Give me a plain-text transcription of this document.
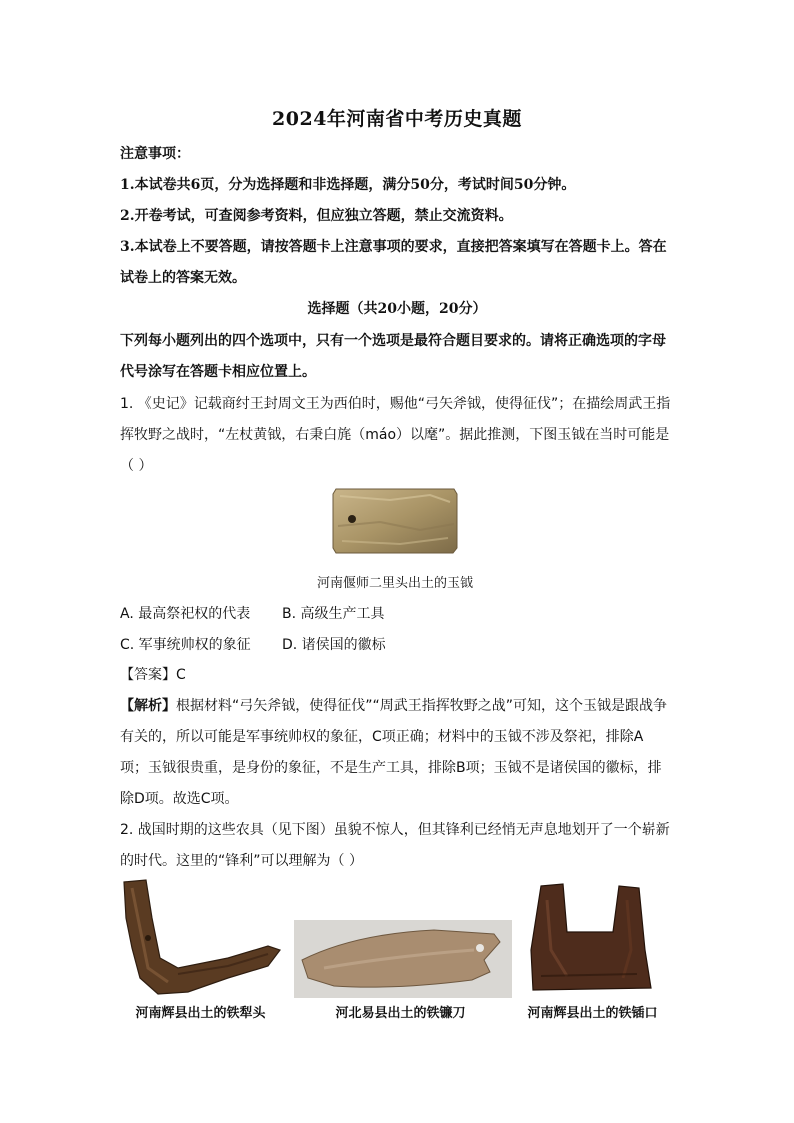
2024年河南省中考历史真题
注意事项：
1.本试卷共6页，分为选择题和非选择题，满分50分，考试时间50分钟。
2.开卷考试，可查阅参考资料，但应独立答题，禁止交流资料。
3.本试卷上不要答题，请按答题卡上注意事项的要求，直接把答案填写在答题卡上。答在
试卷上的答案无效。
选择题（共20小题，20分）
下列每小题列出的四个选项中，只有一个选项是最符合题目要求的。请将正确选项的字母
代号涂写在答题卡相应位置上。
1. 《史记》记载商纣王封周文王为西伯时，赐他“弓矢斧钺，使得征伐”；在描绘周武王指
挥牧野之战时，“左杖黄钺，右秉白旄（máo）以麾”。据此推测，下图玉钺在当时可能是
（ ）
河南偃师二里头出土的玉钺
A. 最高祭祀权的代表 B. 高级生产工具
C. 军事统帅权的象征 D. 诸侯国的徽标
【答案】C
【解析】根据材料“弓矢斧钺，使得征伐”“周武王指挥牧野之战”可知，这个玉钺是跟战争
有关的，所以可能是军事统帅权的象征，C项正确；材料中的玉钺不涉及祭祀，排除A
项；玉钺很贵重，是身份的象征，不是生产工具，排除B项；玉钺不是诸侯国的徽标，排
除D项。故选C项。
2. 战国时期的这些农具（见下图）虽貌不惊人，但其锋利已经悄无声息地划开了一个崭新
的时代。这里的“锋利”可以理解为（ ）
河南辉县出土的铁犁头	河北易县出土的铁镰刀	河南辉县出土的铁锸口
